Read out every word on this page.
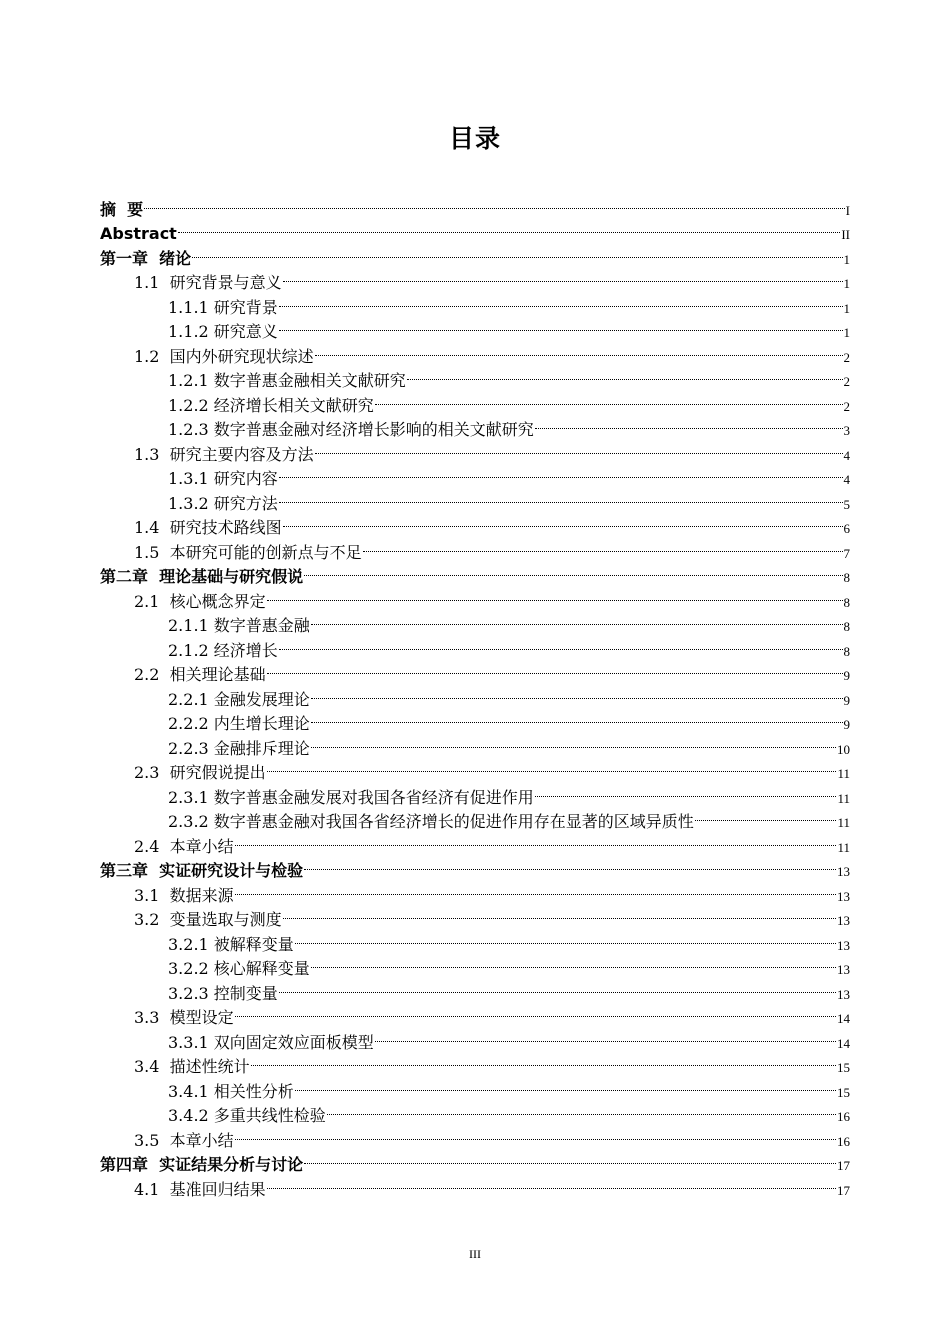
目录
摘  要	I
Abstract	II
第一章  绪论	1
1.1  研究背景与意义	1
1.1.1 研究背景	1
1.1.2 研究意义	1
1.2  国内外研究现状综述	2
1.2.1 数字普惠金融相关文献研究	2
1.2.2 经济增长相关文献研究	2
1.2.3 数字普惠金融对经济增长影响的相关文献研究	3
1.3  研究主要内容及方法	4
1.3.1 研究内容	4
1.3.2 研究方法	5
1.4  研究技术路线图	6
1.5  本研究可能的创新点与不足	7
第二章  理论基础与研究假说	8
2.1  核心概念界定	8
2.1.1 数字普惠金融	8
2.1.2 经济增长	8
2.2  相关理论基础	9
2.2.1 金融发展理论	9
2.2.2 内生增长理论	9
2.2.3 金融排斥理论	10
2.3  研究假说提出	11
2.3.1 数字普惠金融发展对我国各省经济有促进作用	11
2.3.2 数字普惠金融对我国各省经济增长的促进作用存在显著的区域异质性	11
2.4  本章小结	11
第三章  实证研究设计与检验	13
3.1  数据来源	13
3.2  变量选取与测度	13
3.2.1 被解释变量	13
3.2.2 核心解释变量	13
3.2.3 控制变量	13
3.3  模型设定	14
3.3.1 双向固定效应面板模型	14
3.4  描述性统计	15
3.4.1 相关性分析	15
3.4.2 多重共线性检验	16
3.5  本章小结	16
第四章  实证结果分析与讨论	17
4.1  基准回归结果	17
III
